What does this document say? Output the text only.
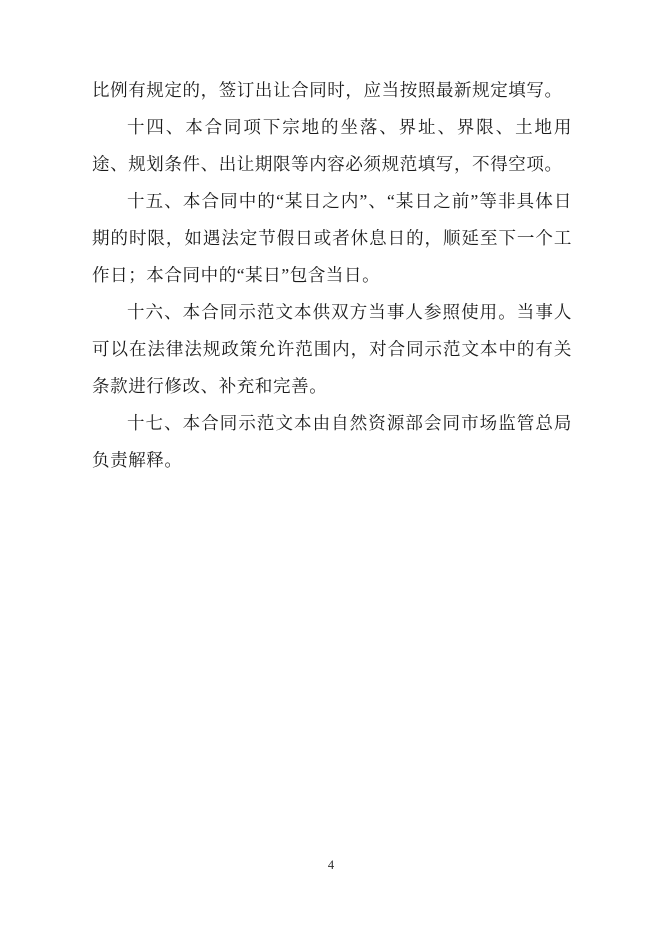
比例有规定的，签订出让合同时，应当按照最新规定填写。

十四、本合同项下宗地的坐落、界址、界限、土地用途、规划条件、出让期限等内容必须规范填写，不得空项。

十五、本合同中的“某日之内”、“某日之前”等非具体日期的时限，如遇法定节假日或者休息日的，顺延至下一个工作日；本合同中的“某日”包含当日。

十六、本合同示范文本供双方当事人参照使用。当事人可以在法律法规政策允许范围内，对合同示范文本中的有关条款进行修改、补充和完善。

十七、本合同示范文本由自然资源部会同市场监管总局负责解释。

4
